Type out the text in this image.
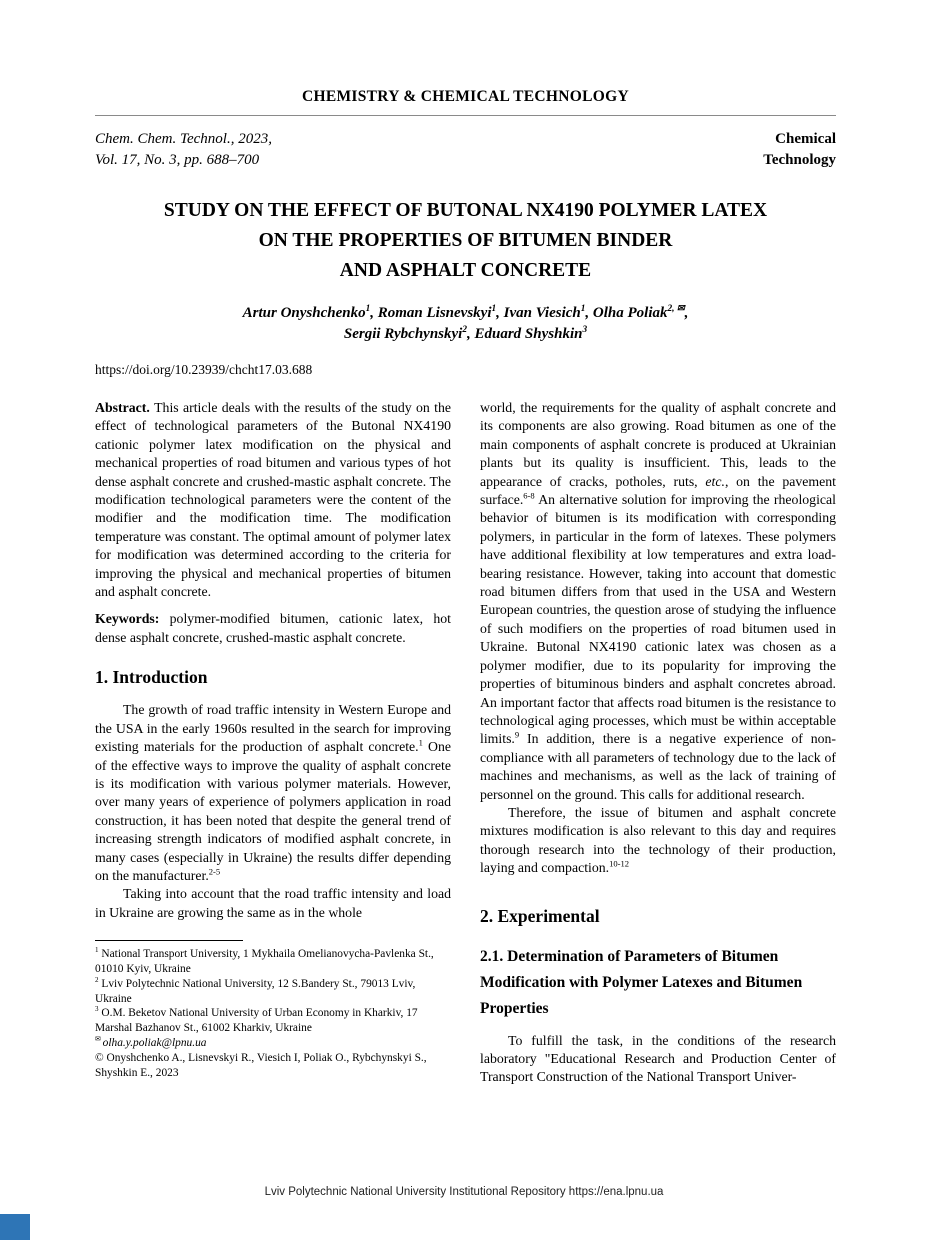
CHEMISTRY & CHEMICAL TECHNOLOGY
Chem. Chem. Technol., 2023,
Vol. 17, No. 3, pp. 688–700
Chemical
Technology
STUDY ON THE EFFECT OF BUTONAL NX4190 POLYMER LATEX
ON THE PROPERTIES OF BITUMEN BINDER
AND ASPHALT CONCRETE
Artur Onyshchenko$^1$, Roman Lisnevskyi$^1$, Ivan Viesich$^1$, Olha Poliak$^{2, ✉}$,
Sergii Rybchynskyi$^2$, Eduard Shyshkin$^3$
https://doi.org/10.23939/chcht17.03.688

Abstract. This article deals with the results of the study on the effect of technological parameters of the Butonal NX4190 cationic polymer latex modification on the physical and mechanical properties of road bitumen and various types of hot dense asphalt concrete and crushed-mastic asphalt concrete. The modification technological parameters were the content of the modifier and the modification time. The modification temperature was constant. The optimal amount of polymer latex for modification was determined according to the criteria for improving the physical and mechanical properties of bitumen and asphalt concrete.

Keywords: polymer-modified bitumen, cationic latex, hot dense asphalt concrete, crushed-mastic asphalt concrete.

1. Introduction

The growth of road traffic intensity in Western Europe and the USA in the early 1960s resulted in the search for improving existing materials for the production of asphalt concrete.$^1$ One of the effective ways to improve the quality of asphalt concrete is its modification with various polymer materials. However, over many years of experience of polymers application in road construction, it has been noted that despite the general trend of increasing strength indicators of modified asphalt concrete, in many cases (especially in Ukraine) the results differ depending on the manufacturer.$^{2-5}$

Taking into account that the road traffic intensity and load in Ukraine are growing the same as in the whole

$^1$ National Transport University, 1 Mykhaila Omelianovycha-Pavlenka St., 01010 Kyiv, Ukraine
$^2$ Lviv Polytechnic National University, 12 S.Bandery St., 79013 Lviv, Ukraine
$^3$ O.M. Beketov National University of Urban Economy in Kharkiv, 17 Marshal Bazhanov St., 61002 Kharkiv, Ukraine
✉ olha.y.poliak@lpnu.ua
© Onyshchenko A., Lisnevskyi R., Viesich I, Poliak O., Rybchynskyi S., Shyshkin E., 2023

world, the requirements for the quality of asphalt concrete and its components are also growing. Road bitumen as one of the main components of asphalt concrete is produced at Ukrainian plants but its quality is insufficient. This, leads to the appearance of cracks, potholes, ruts, etc., on the pavement surface.$^{6-8}$ An alternative solution for improving the rheological behavior of bitumen is its modification with corresponding polymers, in particular in the form of latexes. These polymers have additional flexibility at low temperatures and extra load-bearing resistance. However, taking into account that domestic road bitumen differs from that used in the USA and Western European countries, the question arose of studying the influence of such modifiers on the properties of road bitumen used in Ukraine. Butonal NX4190 cationic latex was chosen as a polymer modifier, due to its popularity for improving the properties of bituminous binders and asphalt concretes abroad. An important factor that affects road bitumen is the resistance to technological aging processes, which must be within acceptable limits.$^9$ In addition, there is a negative experience of non-compliance with all parameters of technology due to the lack of machines and mechanisms, as well as the lack of training of personnel on the ground. This calls for additional research.

Therefore, the issue of bitumen and asphalt concrete mixtures modification is also relevant to this day and requires thorough research into the technology of their production, laying and compaction.$^{10-12}$

2. Experimental
2.1. Determination of Parameters of Bitumen Modification with Polymer Latexes and Bitumen Properties

To fulfill the task, in the conditions of the research laboratory "Educational Research and Production Center of Transport Construction of the National Transport Univer-

Lviv Polytechnic National University Institutional Repository https://ena.lpnu.ua
